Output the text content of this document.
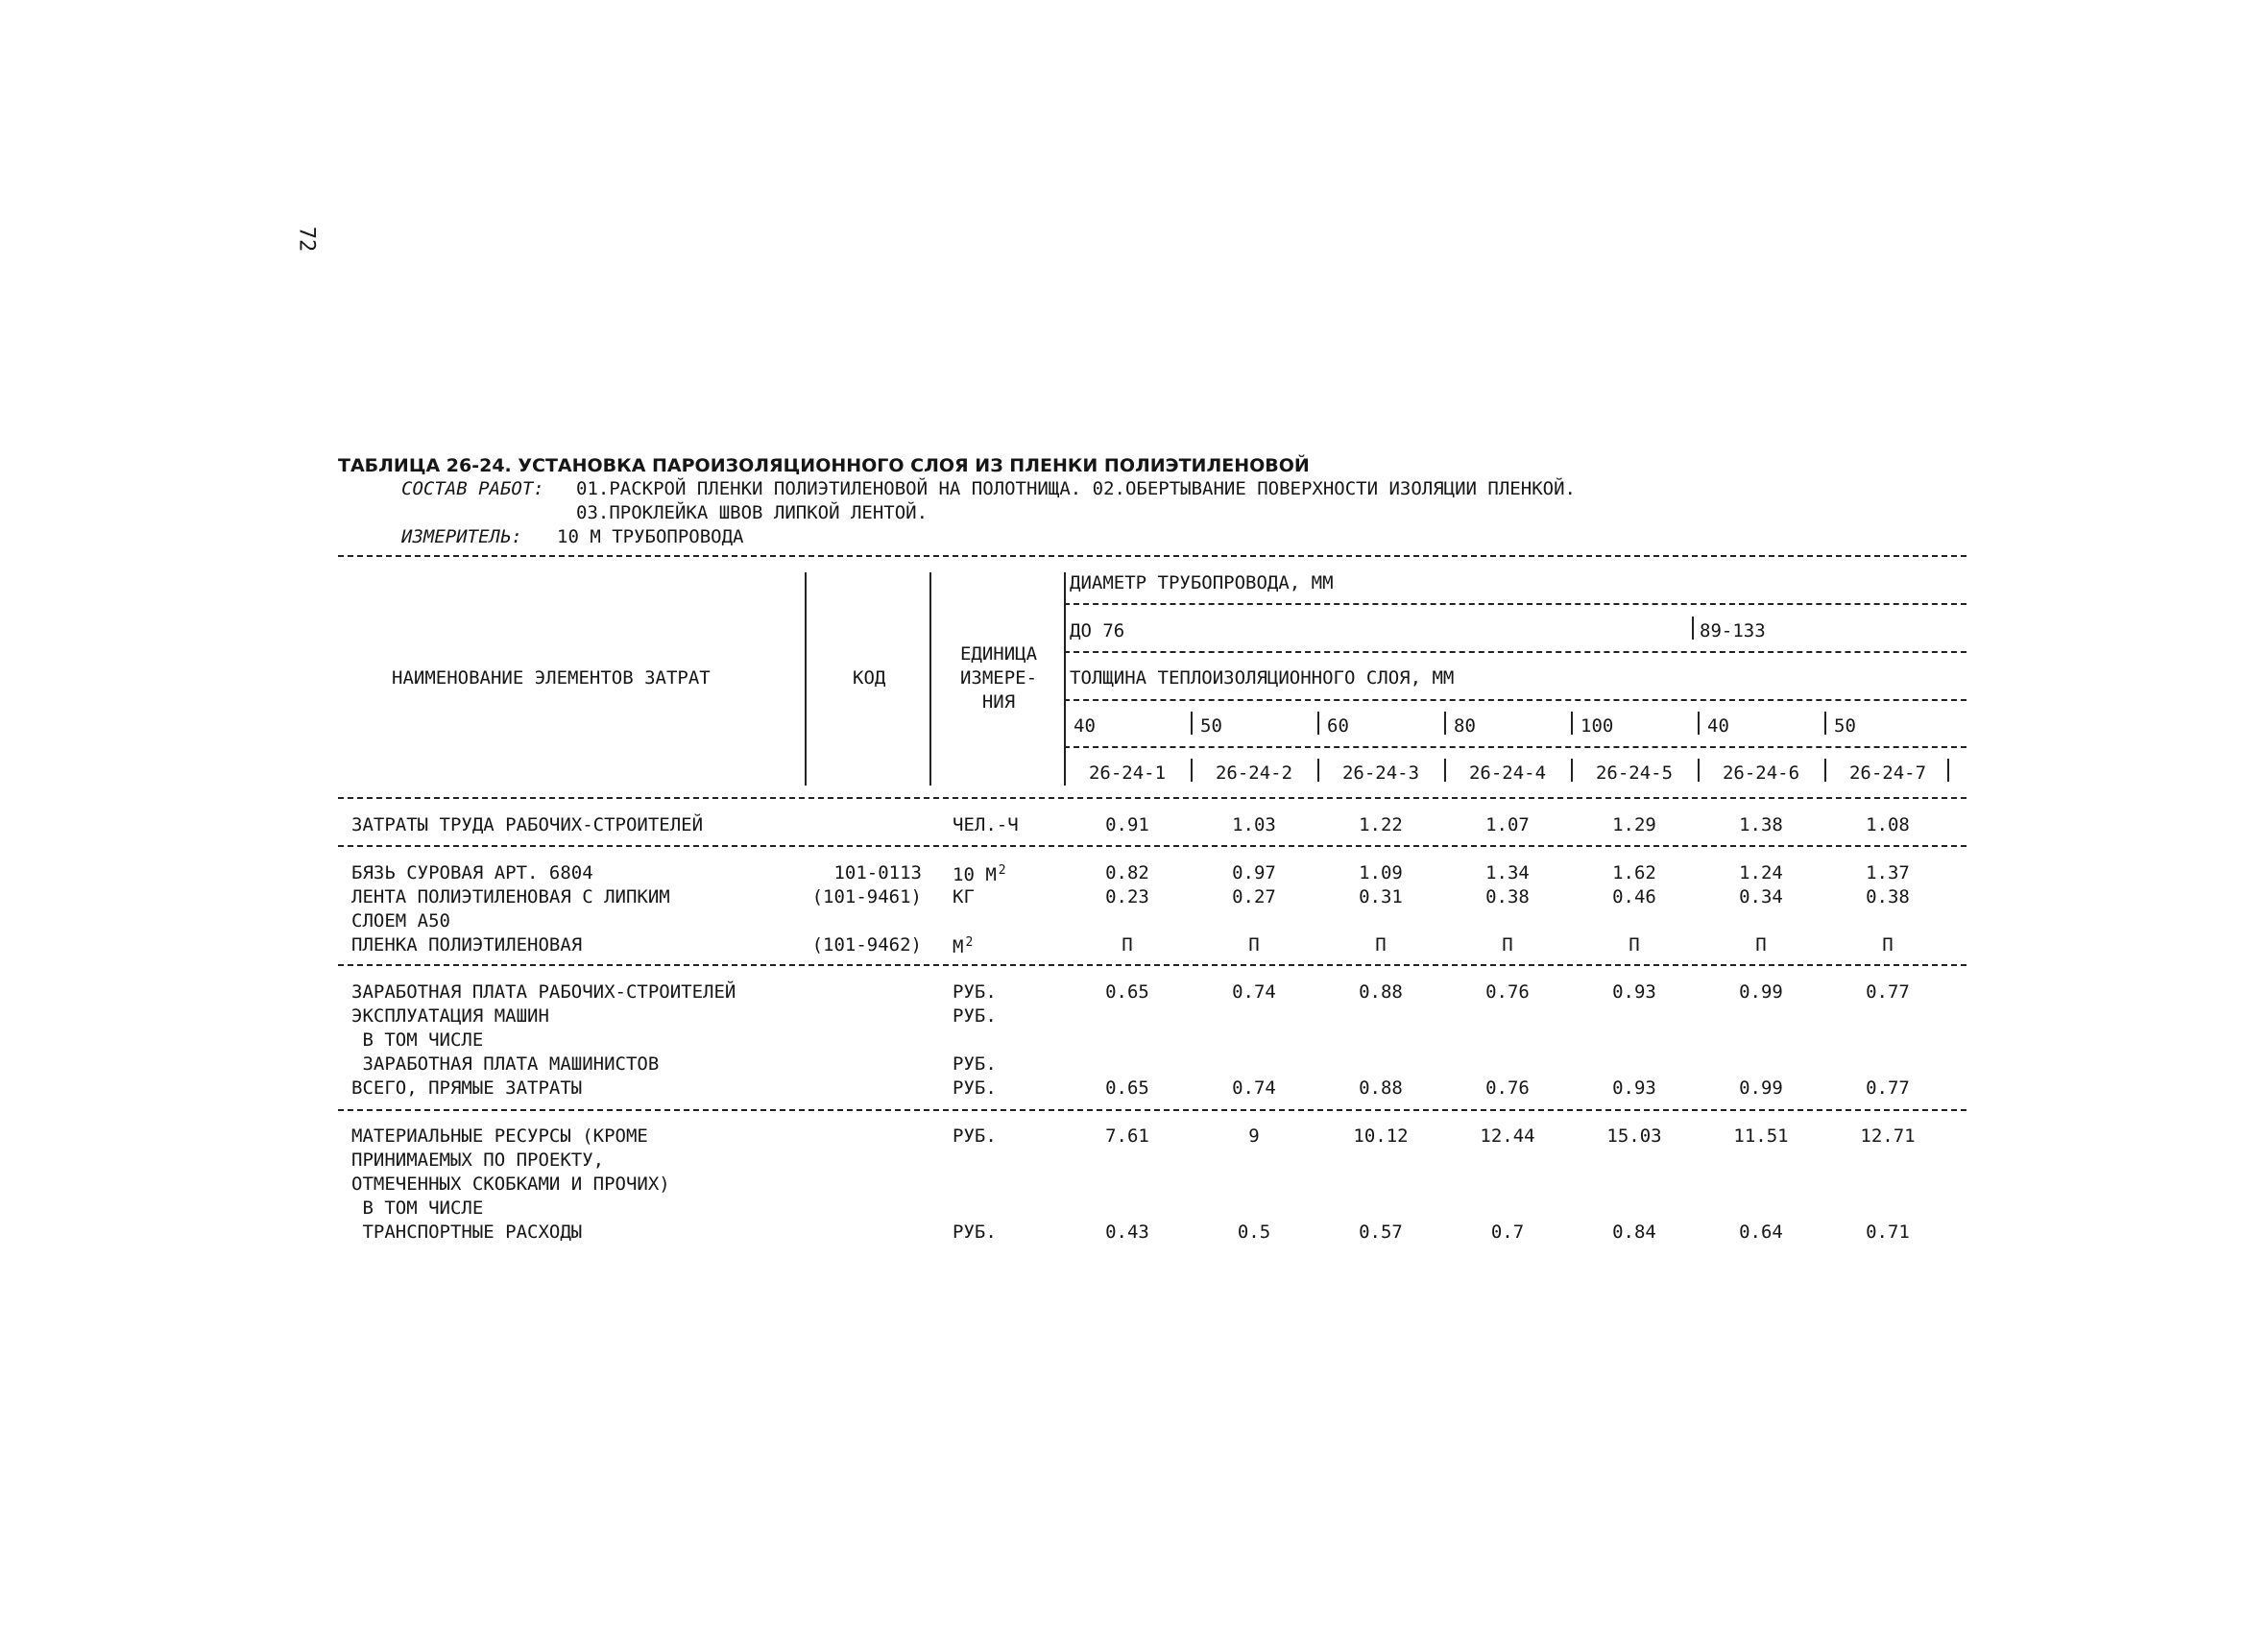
72
ТАБЛИЦА 26-24. УСТАНОВКА ПАРОИЗОЛЯЦИОННОГО СЛОЯ ИЗ ПЛЕНКИ ПОЛИЭТИЛЕНОВОЙ
СОСТАВ РАБОТ: 01.РАСКРОЙ ПЛЕНКИ ПОЛИЭТИЛЕНОВОЙ НА ПОЛОТНИЩА. 02.ОБЕРТЫВАНИЕ ПОВЕРХНОСТИ ИЗОЛЯЦИИ ПЛЕНКОЙ.
03.ПРОКЛЕЙКА ШВОВ ЛИПКОЙ ЛЕНТОЙ.
ИЗМЕРИТЕЛЬ: 10 М ТРУБОПРОВОДА
НАИМЕНОВАНИЕ ЭЛЕМЕНТОВ ЗАТРАТ	КОД
ЕДИНИЦА
ИЗМЕРЕ-
НИЯ
ДИАМЕТР ТРУБОПРОВОДА, ММ
ДО 76	89-133
ТОЛЩИНА ТЕПЛОИЗОЛЯЦИОННОГО СЛОЯ, ММ
40	50	60	80	100	40	50
26-24-1	26-24-2	26-24-3	26-24-4	26-24-5	26-24-6	26-24-7
ЗАТРАТЫ ТРУДА РАБОЧИХ-СТРОИТЕЛЕЙ	ЧЕЛ.-Ч	0.91	1.03	1.22	1.07	1.29	1.38	1.08
БЯЗЬ СУРОВАЯ АРТ. 6804	101-0113 10 М $^2$	0.82	0.97	1.09	1.34	1.62	1.24	1.37
ЛЕНТА ПОЛИЭТИЛЕНОВАЯ С ЛИПКИМ	(101-9461) КГ	0.23	0.27	0.31	0.38	0.46	0.34	0.38
СЛОЕМ А50
ПЛЕНКА ПОЛИЭТИЛЕНОВАЯ	(101-9462) М $^2$	П	П	П	П	П	П	П
ЗАРАБОТНАЯ ПЛАТА РАБОЧИХ-СТРОИТЕЛЕЙ	РУБ.	0.65	0.74	0.88	0.76	0.93	0.99	0.77
ЭКСПЛУАТАЦИЯ МАШИН	РУБ.
В ТОМ ЧИСЛЕ
ЗАРАБОТНАЯ ПЛАТА МАШИНИСТОВ	РУБ.
ВСЕГО, ПРЯМЫЕ ЗАТРАТЫ	РУБ.	0.65	0.74	0.88	0.76	0.93	0.99	0.77
МАТЕРИАЛЬНЫЕ РЕСУРСЫ (КРОМЕ	РУБ.	7.61	9	10.12	12.44	15.03	11.51	12.71
ПРИНИМАЕМЫХ ПО ПРОЕКТУ,
ОТМЕЧЕННЫХ СКОБКАМИ И ПРОЧИХ)
В ТОМ ЧИСЛЕ
ТРАНСПОРТНЫЕ РАСХОДЫ	РУБ.	0.43	0.5	0.57	0.7	0.84	0.64	0.71
